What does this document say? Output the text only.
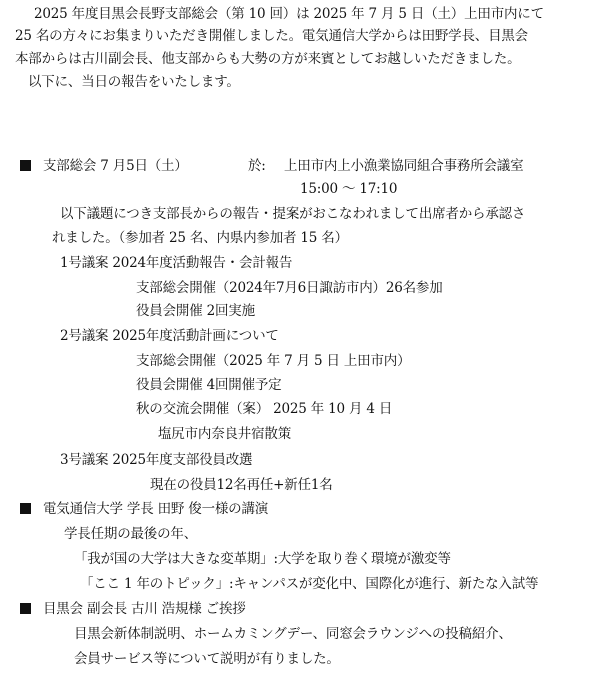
2025 年度目黒会長野支部総会（第 10 回）は 2025 年 7 月 5 日（土）上田市内にて
25 名の方々にお集まりいただき開催しました。電気通信大学からは田野学長、目黒会
本部からは古川副会長、他支部からも大勢の方が来賓としてお越しいただきました。
以下に、当日の報告をいたします。
支部総会 7 月5日（土）	於: 上田市内上小漁業協同組合事務所会議室
15:00 ～ 17:10
以下議題につき支部長からの報告・提案がおこなわれまして出席者から承認さ
れました。（参加者 25 名、内県内参加者 15 名）
1号議案 2024年度活動報告・会計報告
支部総会開催（2024年7月6日諏訪市内）26名参加
役員会開催 2回実施
2号議案 2025年度活動計画について
支部総会開催（2025 年 7 月 5 日 上田市内）
役員会開催 4回開催予定
秋の交流会開催（案） 2025 年 10 月 4 日
塩尻市内奈良井宿散策
3号議案 2025年度支部役員改選
現在の役員12名再任+新任1名
電気通信大学 学長 田野 俊一様の講演
学長任期の最後の年、
「我が国の大学は大きな変革期」:大学を取り巻く環境が激変等
「ここ 1 年のトピック」:キャンパスが変化中、国際化が進行、新たな入試等
目黒会 副会長 古川 浩規様 ご挨拶
目黒会新体制説明、ホームカミングデー、同窓会ラウンジへの投稿紹介、
会員サービス等について説明が有りました。
